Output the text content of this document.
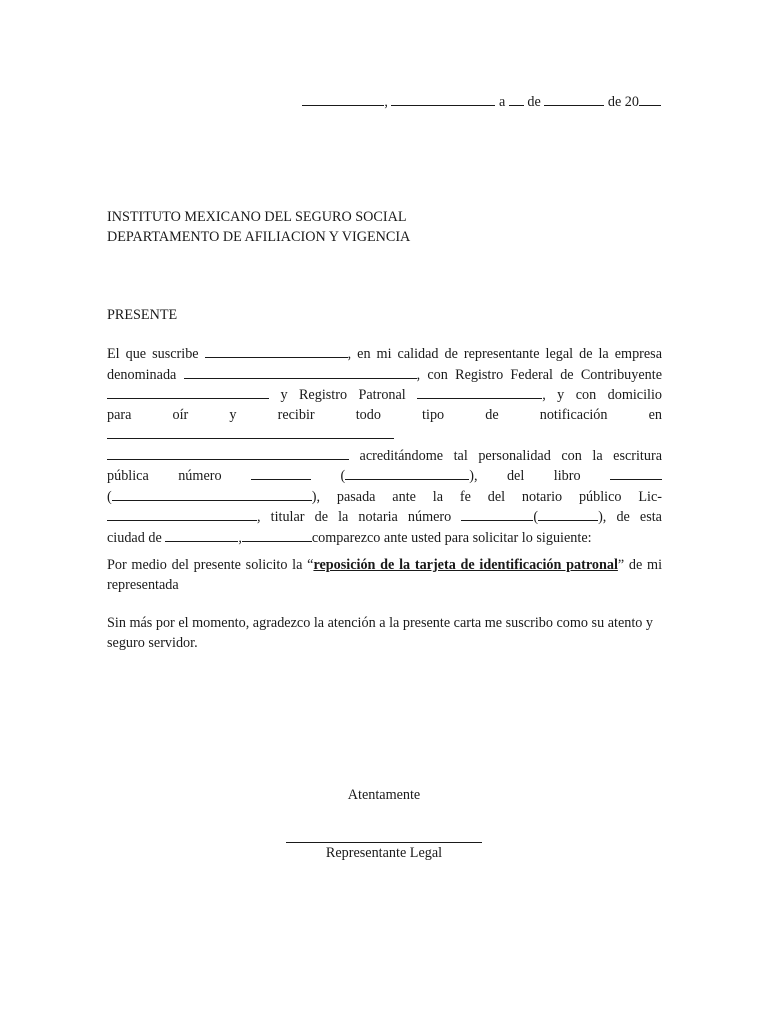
,	a de	de 20
INSTITUTO MEXICANO DEL SEGURO SOCIAL
DEPARTAMENTO DE AFILIACION Y VIGENCIA
PRESENTE
El que suscribe	, en mi calidad de representante legal de la empresa
denominada	, con Registro Federal de Contribuyente
y Registro Patronal	, y con domicilio
para oír y recibir todo tipo de notificación en
acreditándome tal personalidad con la escritura
pública número	(	), del libro
(	), pasada ante la fe del notario público Lic-
, titular de la notaria número	(	), de esta
ciudad de	,	comparezco ante usted para solicitar lo siguiente:
Por medio del presente solicito la “reposición de la tarjeta de identificación patronal” de mi representada
Sin más por el momento, agradezco la atención a la presente carta me suscribo como su atento y seguro servidor.
Atentamente
Representante Legal
